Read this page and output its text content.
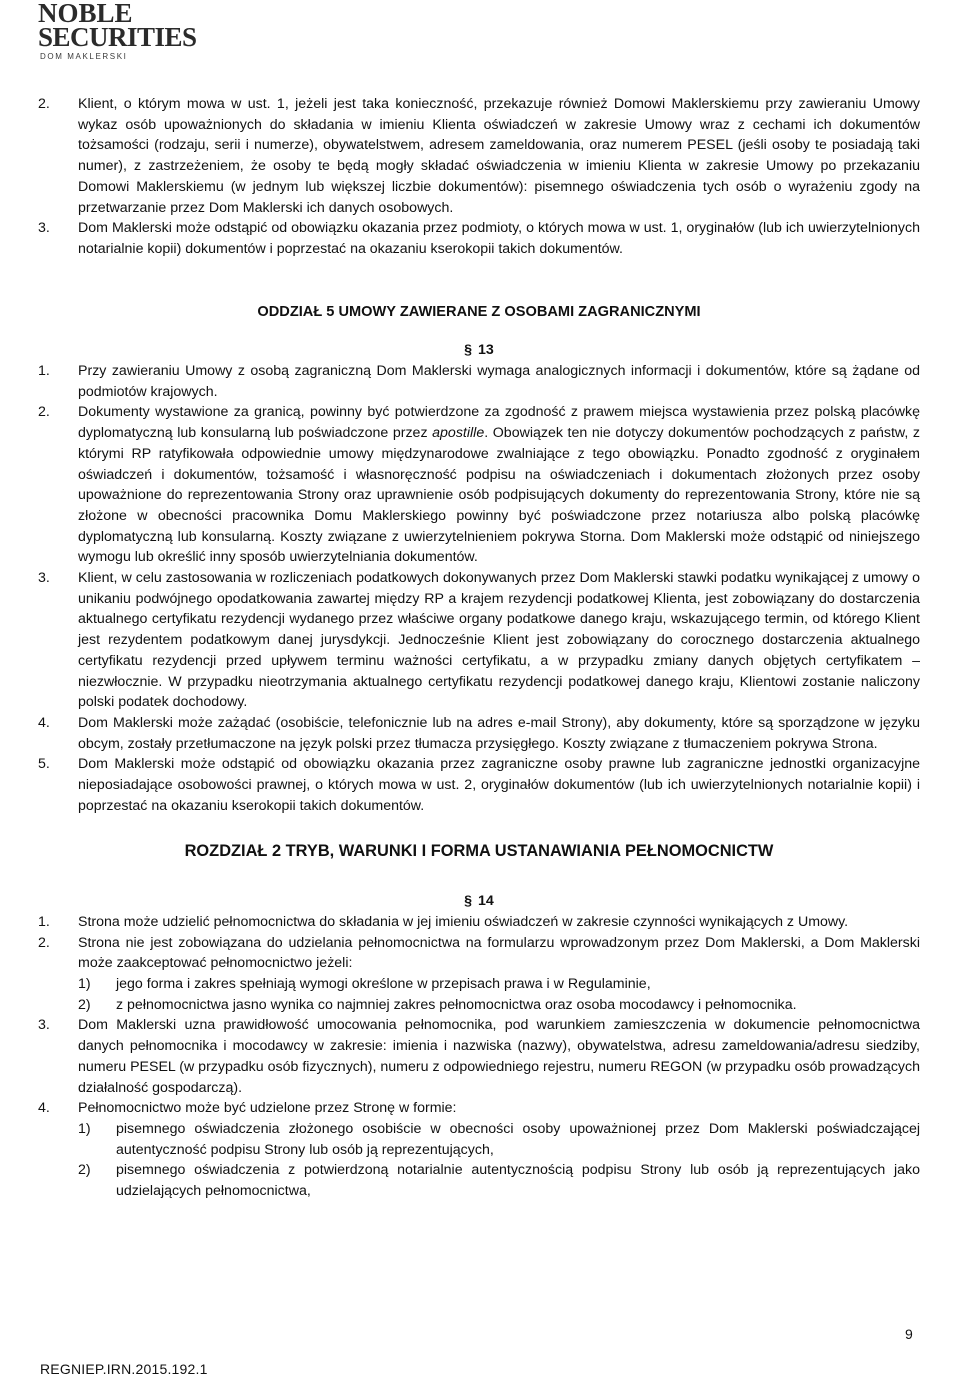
NOBLE
SECURITIES
DOM MAKLERSKI
2. Klient, o którym mowa w ust. 1, jeżeli jest taka konieczność, przekazuje również Domowi Maklerskiemu przy zawieraniu Umowy wykaz osób upoważnionych do składania w imieniu Klienta oświadczeń w zakresie Umowy wraz z cechami ich dokumentów tożsamości (rodzaju, serii i numerze), obywatelstwem, adresem zameldowania, oraz numerem PESEL (jeśli osoby te posiadają taki numer), z zastrzeżeniem, że osoby te będą mogły składać oświadczenia w imieniu Klienta w zakresie Umowy po przekazaniu Domowi Maklerskiemu (w jednym lub większej liczbie dokumentów): pisemnego oświadczenia tych osób o wyrażeniu zgody na przetwarzanie przez Dom Maklerski ich danych osobowych.
3. Dom Maklerski może odstąpić od obowiązku okazania przez podmioty, o których mowa w ust. 1, oryginałów (lub ich uwierzytelnionych notarialnie kopii) dokumentów i poprzestać na okazaniu kserokopii takich dokumentów.
ODDZIAŁ 5 UMOWY ZAWIERANE Z OSOBAMI ZAGRANICZNYMI
§ 13
1. Przy zawieraniu Umowy z osobą zagraniczną Dom Maklerski wymaga analogicznych informacji i dokumentów, które są żądane od podmiotów krajowych.
2. Dokumenty wystawione za granicą, powinny być potwierdzone za zgodność z prawem miejsca wystawienia przez polską placówkę dyplomatyczną lub konsularną lub poświadczone przez apostille. Obowiązek ten nie dotyczy dokumentów pochodzących z państw, z którymi RP ratyfikowała odpowiednie umowy międzynarodowe zwalniające z tego obowiązku. Ponadto zgodność z oryginałem oświadczeń i dokumentów, tożsamość i własnoręczność podpisu na oświadczeniach i dokumentach złożonych przez osoby upoważnione do reprezentowania Strony oraz uprawnienie osób podpisujących dokumenty do reprezentowania Strony, które nie są złożone w obecności pracownika Domu Maklerskiego powinny być poświadczone przez notariusza albo polską placówkę dyplomatyczną lub konsularną. Koszty związane z uwierzytelnieniem pokrywa Storna. Dom Maklerski może odstąpić od niniejszego wymogu lub określić inny sposób uwierzytelniania dokumentów.
3. Klient, w celu zastosowania w rozliczeniach podatkowych dokonywanych przez Dom Maklerski stawki podatku wynikającej z umowy o unikaniu podwójnego opodatkowania zawartej między RP a krajem rezydencji podatkowej Klienta, jest zobowiązany do dostarczenia aktualnego certyfikatu rezydencji wydanego przez właściwe organy podatkowe danego kraju, wskazującego termin, od którego Klient jest rezydentem podatkowym danej jurysdykcji. Jednocześnie Klient jest zobowiązany do corocznego dostarczenia aktualnego certyfikatu rezydencji przed upływem terminu ważności certyfikatu, a w przypadku zmiany danych objętych certyfikatem – niezwłocznie. W przypadku nieotrzymania aktualnego certyfikatu rezydencji podatkowej danego kraju, Klientowi zostanie naliczony polski podatek dochodowy.
4. Dom Maklerski może zażądać (osobiście, telefonicznie lub na adres e-mail Strony), aby dokumenty, które są sporządzone w języku obcym, zostały przetłumaczone na język polski przez tłumacza przysięgłego. Koszty związane z tłumaczeniem pokrywa Strona.
5. Dom Maklerski może odstąpić od obowiązku okazania przez zagraniczne osoby prawne lub zagraniczne jednostki organizacyjne nieposiadające osobowości prawnej, o których mowa w ust. 2, oryginałów dokumentów (lub ich uwierzytelnionych notarialnie kopii) i poprzestać na okazaniu kserokopii takich dokumentów.
ROZDZIAŁ 2 TRYB, WARUNKI I FORMA USTANAWIANIA PEŁNOMOCNICTW
§ 14
1. Strona może udzielić pełnomocnictwa do składania w jej imieniu oświadczeń w zakresie czynności wynikających z Umowy.
2. Strona nie jest zobowiązana do udzielania pełnomocnictwa na formularzu wprowadzonym przez Dom Maklerski, a Dom Maklerski może zaakceptować pełnomocnictwo jeżeli:
1) jego forma i zakres spełniają wymogi określone w przepisach prawa i w Regulaminie,
2) z pełnomocnictwa jasno wynika co najmniej zakres pełnomocnictwa oraz osoba mocodawcy i pełnomocnika.
3. Dom Maklerski uzna prawidłowość umocowania pełnomocnika, pod warunkiem zamieszczenia w dokumencie pełnomocnictwa danych pełnomocnika i mocodawcy w zakresie: imienia i nazwiska (nazwy), obywatelstwa, adresu zameldowania/adresu siedziby, numeru PESEL (w przypadku osób fizycznych), numeru z odpowiedniego rejestru, numeru REGON (w przypadku osób prowadzących działalność gospodarczą).
4. Pełnomocnictwo może być udzielone przez Stronę w formie:
1) pisemnego oświadczenia złożonego osobiście w obecności osoby upoważnionej przez Dom Maklerski poświadczającej autentyczność podpisu Strony lub osób ją reprezentujących,
2) pisemnego oświadczenia z potwierdzoną notarialnie autentycznością podpisu Strony lub osób ją reprezentujących jako udzielających pełnomocnictwa,
9
REGNIEP.IRN.2015.192.1
